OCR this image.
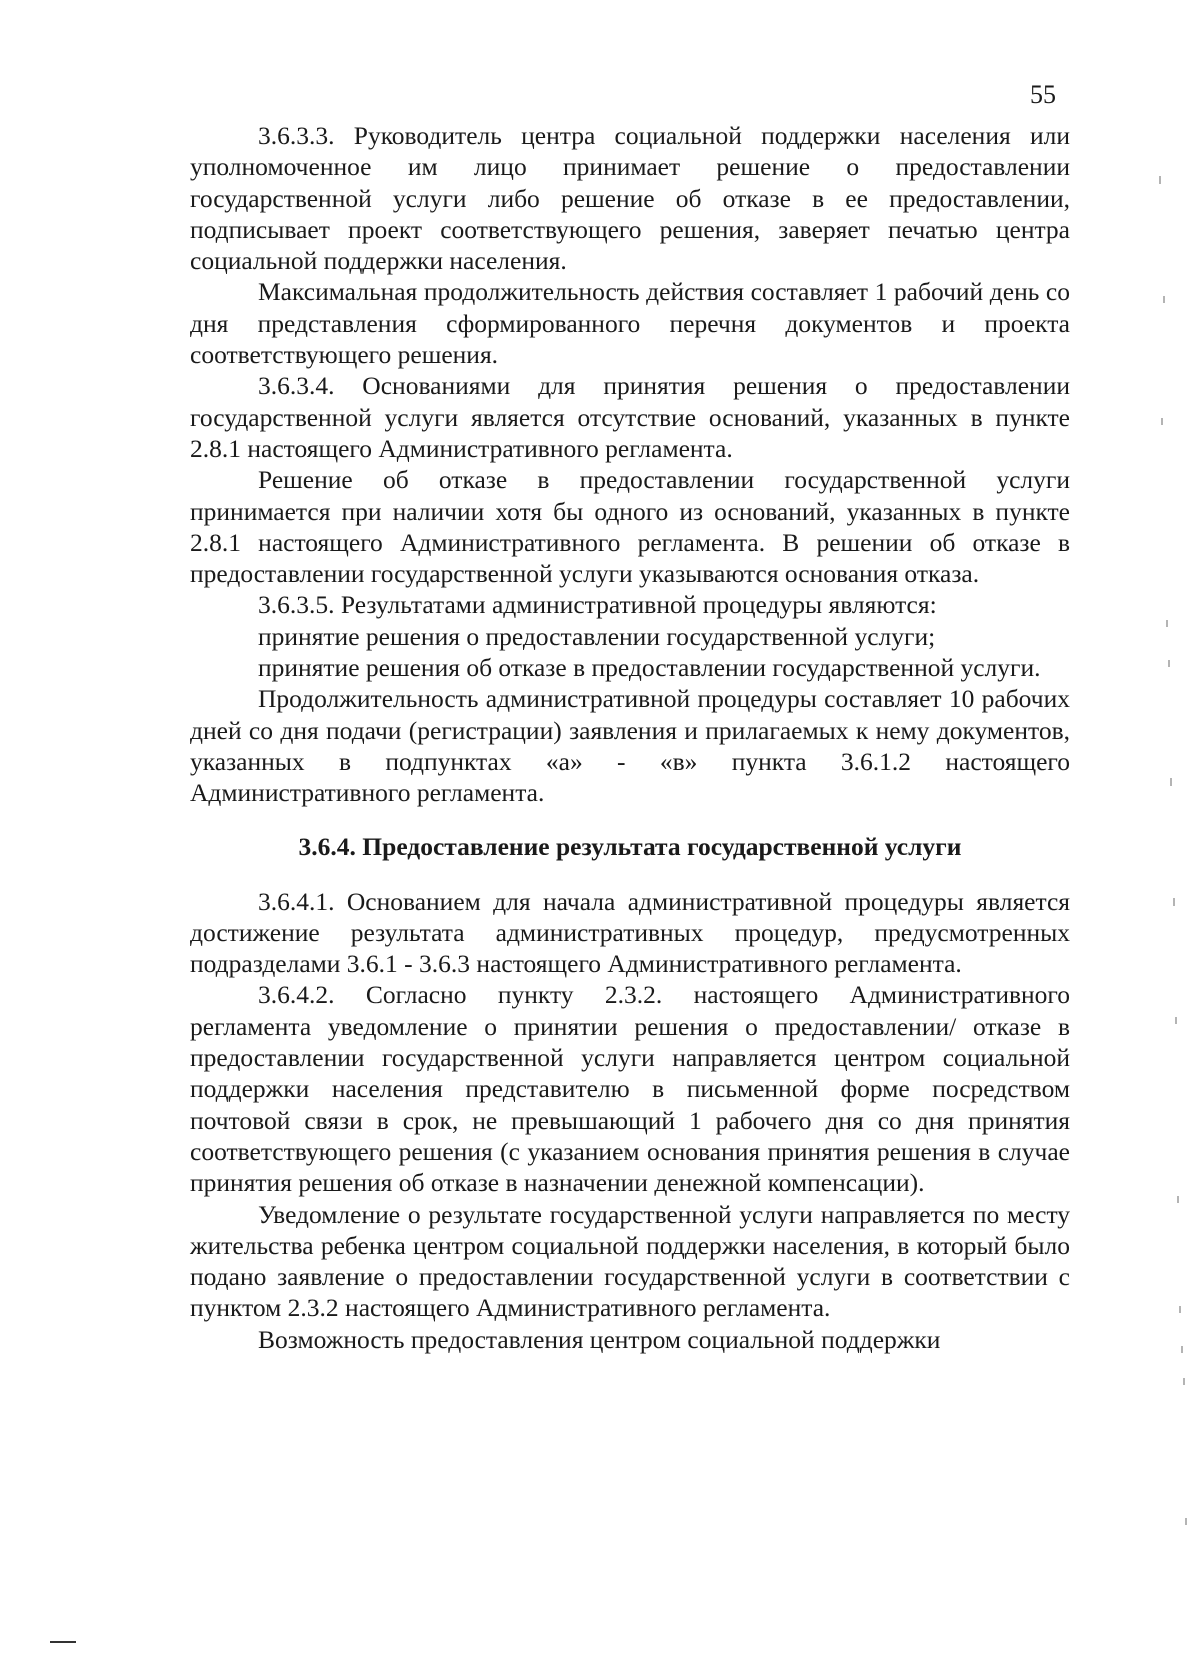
55

3.6.3.3. Руководитель центра социальной поддержки населения или уполномоченное им лицо принимает решение о предоставлении государственной услуги либо решение об отказе в ее предоставлении, подписывает проект соответствующего решения, заверяет печатью центра социальной поддержки населения.

Максимальная продолжительность действия составляет 1 рабочий день со дня представления сформированного перечня документов и проекта соответствующего решения.

3.6.3.4. Основаниями для принятия решения о предоставлении государственной услуги является отсутствие оснований, указанных в пункте 2.8.1 настоящего Административного регламента.

Решение об отказе в предоставлении государственной услуги принимается при наличии хотя бы одного из оснований, указанных в пункте 2.8.1 настоящего Административного регламента. В решении об отказе в предоставлении государственной услуги указываются основания отказа.

3.6.3.5. Результатами административной процедуры являются:

принятие решения о предоставлении государственной услуги;

принятие решения об отказе в предоставлении государственной услуги.

Продолжительность административной процедуры составляет 10 рабочих дней со дня подачи (регистрации) заявления и прилагаемых к нему документов, указанных в подпунктах «а» - «в» пункта 3.6.1.2 настоящего Административного регламента.

3.6.4. Предоставление результата государственной услуги

3.6.4.1. Основанием для начала административной процедуры является достижение результата административных процедур, предусмотренных подразделами 3.6.1 - 3.6.3 настоящего Административного регламента.

3.6.4.2. Согласно пункту 2.3.2. настоящего Административного регламента уведомление о принятии решения о предоставлении/ отказе в предоставлении государственной услуги направляется центром социальной поддержки населения представителю в письменной форме посредством почтовой связи в срок, не превышающий 1 рабочего дня со дня принятия соответствующего решения (с указанием основания принятия решения в случае принятия решения об отказе в назначении денежной компенсации).

Уведомление о результате государственной услуги направляется по месту жительства ребенка центром социальной поддержки населения, в который было подано заявление о предоставлении государственной услуги в соответствии с пунктом 2.3.2 настоящего Административного регламента.

Возможность предоставления центром социальной поддержки
